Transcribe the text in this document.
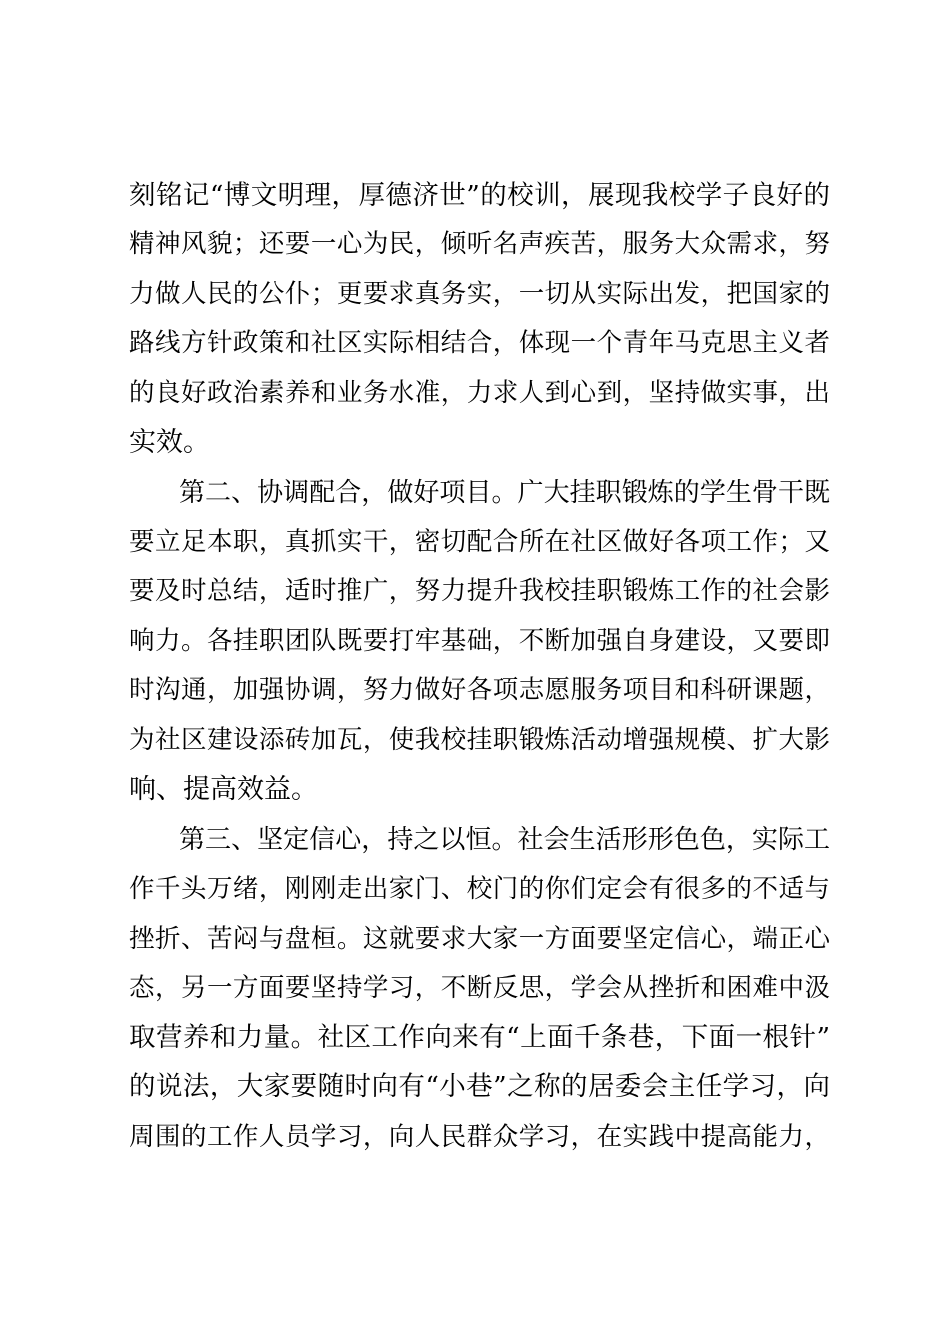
刻铭记“博文明理，厚德济世”的校训，展现我校学子良好的
精神风貌；还要一心为民，倾听名声疾苦，服务大众需求，努
力做人民的公仆；更要求真务实，一切从实际出发，把国家的
路线方针政策和社区实际相结合，体现一个青年马克思主义者
的良好政治素养和业务水准，力求人到心到，坚持做实事，出
实效。
第二、协调配合，做好项目。广大挂职锻炼的学生骨干既
要立足本职，真抓实干，密切配合所在社区做好各项工作；又
要及时总结，适时推广，努力提升我校挂职锻炼工作的社会影
响力。各挂职团队既要打牢基础，不断加强自身建设，又要即
时沟通，加强协调，努力做好各项志愿服务项目和科研课题，
为社区建设添砖加瓦，使我校挂职锻炼活动增强规模、扩大影
响、提高效益。
第三、坚定信心，持之以恒。社会生活形形色色，实际工
作千头万绪，刚刚走出家门、校门的你们定会有很多的不适与
挫折、苦闷与盘桓。这就要求大家一方面要坚定信心，端正心
态，另一方面要坚持学习，不断反思，学会从挫折和困难中汲
取营养和力量。社区工作向来有“上面千条巷，下面一根针”
的说法，大家要随时向有“小巷”之称的居委会主任学习，向
周围的工作人员学习，向人民群众学习，在实践中提高能力，
